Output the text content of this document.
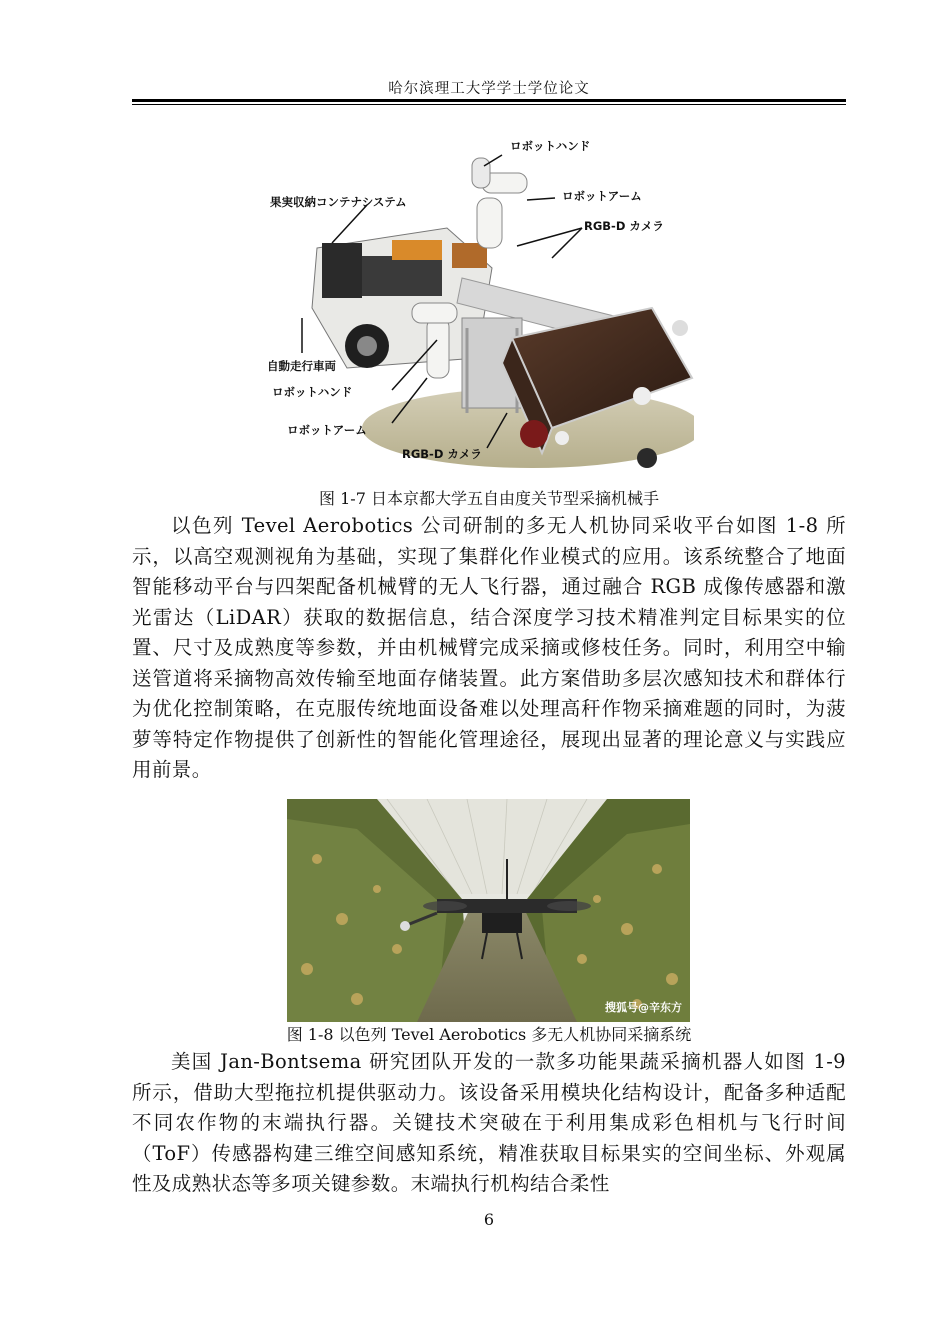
哈尔滨理工大学学士学位论文
ロボットハンド
ロボットアーム
果実収納コンテナシステム
RGB-D カメラ
自動走行車両
ロボットハンド
ロボットアーム
RGB-D カメラ
图 1-7 日本京都大学五自由度关节型采摘机械手

以色列 Tevel Aerobotics 公司研制的多无人机协同采收平台如图 1-8 所示，以高空观测视角为基础，实现了集群化作业模式的应用。该系统整合了地面智能移动平台与四架配备机械臂的无人飞行器，通过融合 RGB 成像传感器和激光雷达（LiDAR）获取的数据信息，结合深度学习技术精准判定目标果实的位置、尺寸及成熟度等参数，并由机械臂完成采摘或修枝任务。同时，利用空中输送管道将采摘物高效传输至地面存储装置。此方案借助多层次感知技术和群体行为优化控制策略，在克服传统地面设备难以处理高秆作物采摘难题的同时，为菠萝等特定作物提供了创新性的智能化管理途径，展现出显著的理论意义与实践应用前景。

搜狐号@辛东方
图 1-8 以色列 Tevel Aerobotics 多无人机协同采摘系统

美国 Jan-Bontsema 研究团队开发的一款多功能果蔬采摘机器人如图 1-9 所示，借助大型拖拉机提供驱动力。该设备采用模块化结构设计，配备多种适配不同农作物的末端执行器。关键技术突破在于利用集成彩色相机与飞行时间（ToF）传感器构建三维空间感知系统，精准获取目标果实的空间坐标、外观属性及成熟状态等多项关键参数。末端执行机构结合柔性

6
